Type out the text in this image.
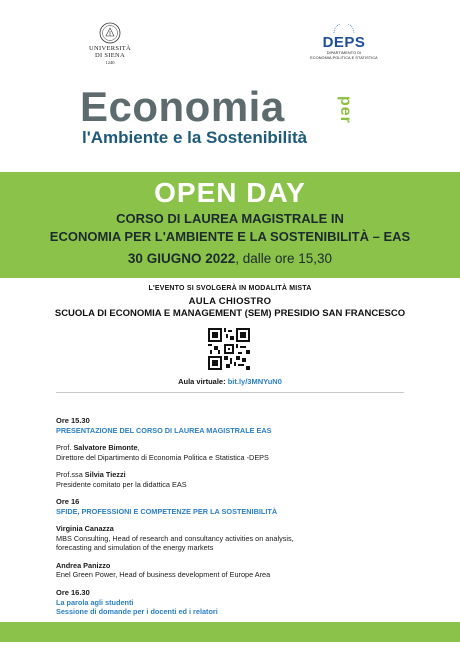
UNIVERSITÀ
DI SIENA
1240
DEPS
DIPARTIMENTO DI
ECONOMIA POLITICA E STATISTICA
Economia	per
l'Ambiente e la Sostenibilità
OPEN DAY
CORSO DI LAUREA MAGISTRALE IN
ECONOMIA PER L'AMBIENTE E LA SOSTENIBILITÀ – EAS
30 GIUGNO 2022, dalle ore 15,30
L'EVENTO SI SVOLGERÀ IN MODALITÀ MISTA
AULA CHIOSTRO
SCUOLA DI ECONOMIA E MANAGEMENT (SEM) PRESIDIO SAN FRANCESCO
Aula virtuale: bit.ly/3MNYuN0
Ore 15.30
PRESENTAZIONE DEL CORSO DI LAUREA MAGISTRALE EAS
Prof. Salvatore Bimonte,
Direttore del Dipartimento di Economia Politica e Statistica -DEPS
Prof.ssa Silvia Tiezzi
Presidente comitato per la didattica EAS
Ore 16
SFIDE, PROFESSIONI E COMPETENZE PER LA SOSTENIBILITÀ
Virginia Canazza
MBS Consulting, Head of research and consultancy activities on analysis,
forecasting and simulation of the energy markets
Andrea Panizzo
Enel Green Power, Head of business development of Europe Area
Ore 16.30
La parola agli studenti
Sessione di domande per i docenti ed i relatori
